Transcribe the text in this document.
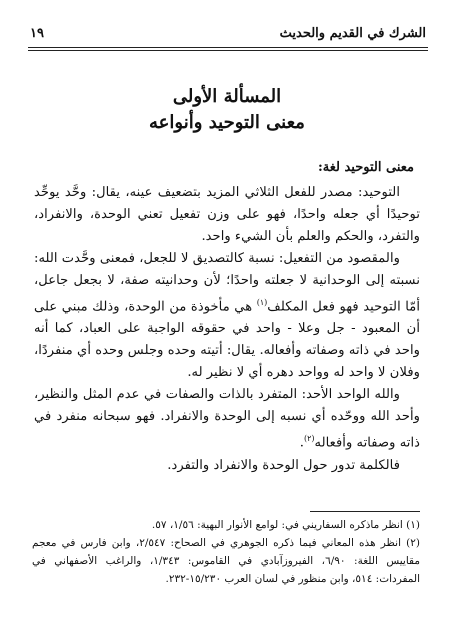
الشرك في القديم والحديث
١٩
المسألة الأولى
معنى التوحيد وأنواعه
معنى التوحيد لغة:

التوحيد: مصدر للفعل الثلاثي المزيد بتضعيف عينه، يقال: وحَّد يوحِّد توحيدًا أي جعله واحدًا، فهو على وزن تفعيل تعني الوحدة، والانفراد، والتفرد، والحكم والعلم بأن الشيء واحد.

والمقصود من التفعيل: نسبة كالتصديق لا للجعل، فمعنى وحَّدت الله: نسبته إلى الوحدانية لا جعلته واحدًا؛ لأن وحدانيته صفة، لا بجعل جاعل، أمّا التوحيد فهو فعل المكلف$^{(١)}$ هي مأخوذة من الوحدة، وذلك مبني على أن المعبود - جل وعلا - واحد في حقوقه الواجبة على العباد، كما أنه واحد في ذاته وصفاته وأفعاله. يقال: أتيته وحده وجلس وحده أي منفردًا، وفلان لا واحد له وواحد دهره أي لا نظير له.

والله الواحد الأحد: المتفرد بالذات والصفات في عدم المثل والنظير، وأحد الله ووحّده أي نسبه إلى الوحدة والانفراد. فهو سبحانه منفرد في ذاته وصفاته وأفعاله$^{(٢)}$.

فالكلمة تدور حول الوحدة والانفراد والتفرد.

(١) انظر ماذكره السفاريني في: لوامع الأنوار البهية: ١/٥٦، ٥٧.

(٢) انظر هذه المعاني فيما ذكره الجوهري في الصحاح: ٢/٥٤٧، وابن فارس في معجم مقاييس اللغة: ٦/٩٠، الفيروزآبادي في القاموس: ١/٣٤٣، والراغب الأصفهاني في المفردات: ٥١٤، وابن منظور في لسان العرب ١٥/٢٣٠-٢٣٢.
